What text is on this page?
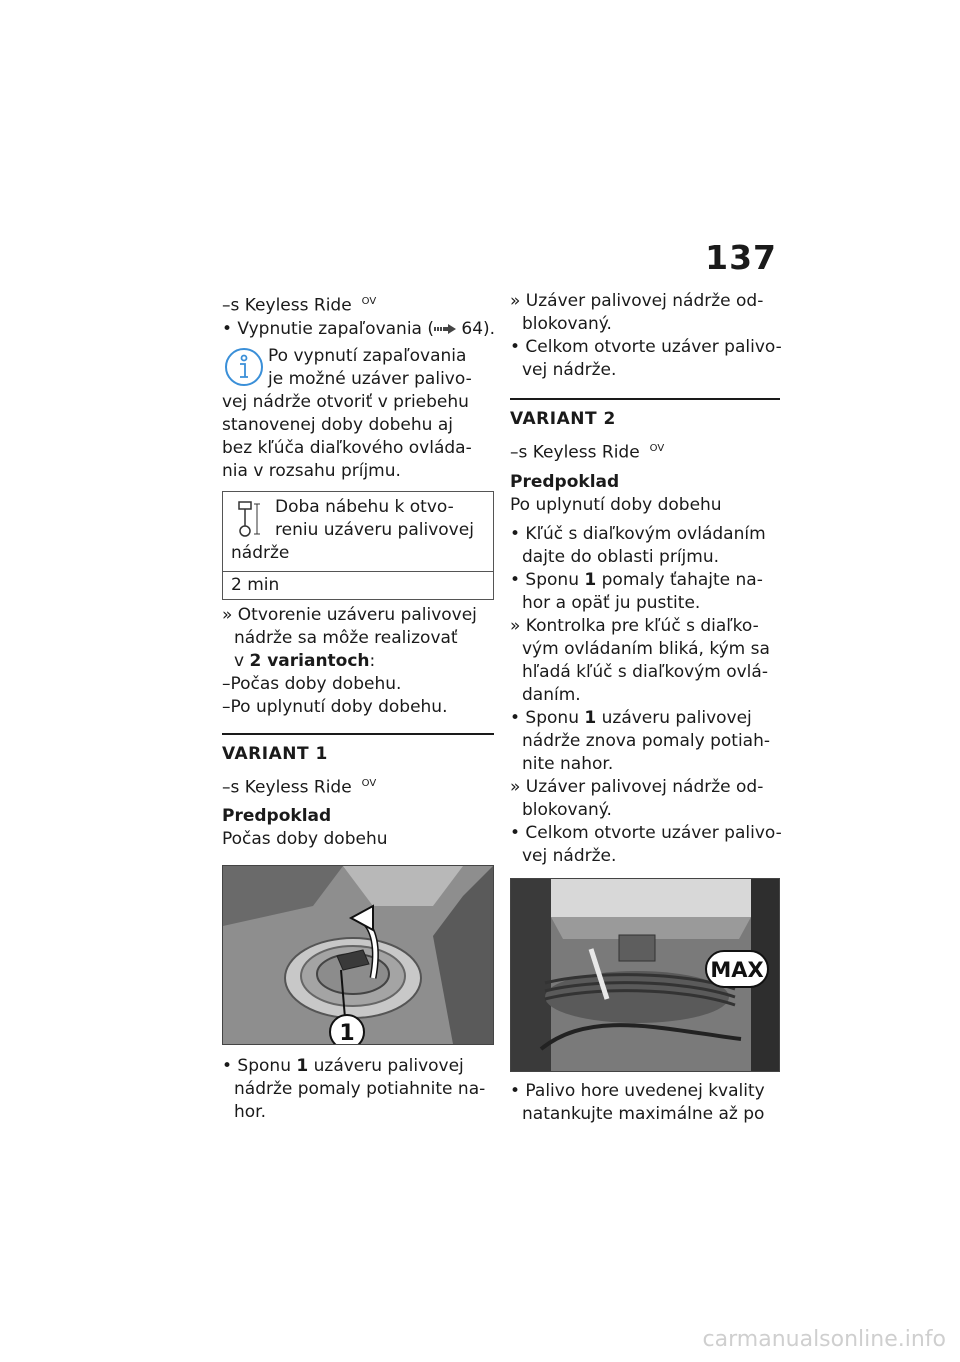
137
–s Keyless Ride $^{OV}$
• Vypnutie zapaľovania ( 64).
Po vypnutí zapaľovania
je možné uzáver palivo-
vej nádrže otvoriť v priebehu
stanovenej doby dobehu aj
bez kľúča diaľkového ovláda-
nia v rozsahu príjmu.
Doba nábehu k otvo-
reniu uzáveru palivovej
nádrže
2 min
» Otvorenie uzáveru palivovej
nádrže sa môže realizovať
v 2 variantoch:
–Počas doby dobehu.
–Po uplynutí doby dobehu.
VARIANT 1
–s Keyless Ride $^{OV}$
Predpoklad
Počas doby dobehu
1
• Sponu 1 uzáveru palivovej
nádrže pomaly potiahnite na-
hor.
» Uzáver palivovej nádrže od-
blokovaný.
• Celkom otvorte uzáver palivo-
vej nádrže.
VARIANT 2
–s Keyless Ride $^{OV}$
Predpoklad
Po uplynutí doby dobehu
• Kľúč s diaľkovým ovládaním
dajte do oblasti príjmu.
• Sponu 1 pomaly ťahajte na-
hor a opäť ju pustite.
» Kontrolka pre kľúč s diaľko-
vým ovládaním bliká, kým sa
hľadá kľúč s diaľkovým ovlá-
daním.
• Sponu 1 uzáveru palivovej
nádrže znova pomaly potiah-
nite nahor.
» Uzáver palivovej nádrže od-
blokovaný.
• Celkom otvorte uzáver palivo-
vej nádrže.
MAX
• Palivo hore uvedenej kvality
natankujte maximálne až po
carmanualsonline.info
